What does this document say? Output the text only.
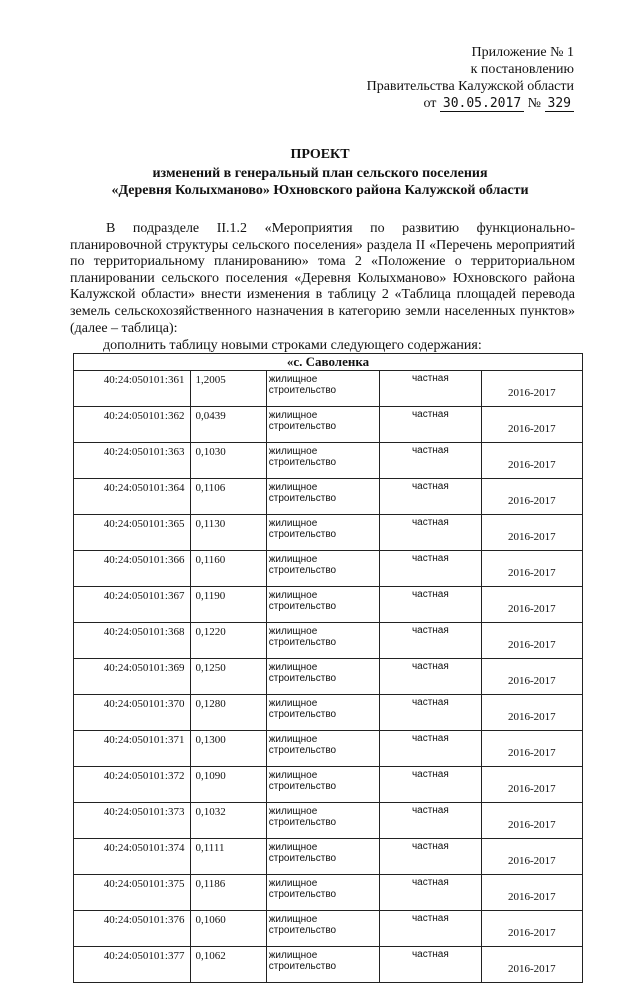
Приложение № 1
к постановлению
Правительства Калужской области
от 30.05.2017 № 329
ПРОЕКТ
изменений в генеральный план сельского поселения
«Деревня Колыхманово» Юхновского района Калужской области
В подразделе II.1.2 «Мероприятия по развитию функционально-планировочной структуры сельского поселения» раздела II «Перечень мероприятий по территориальному планированию» тома 2 «Положение о территориальном планировании сельского поселения «Деревня Колыхманово» Юхновского района Калужской области» внести изменения в таблицу 2 «Таблица площадей перевода земель сельскохозяйственного назначения в категорию земли населенных пунктов» (далее – таблица):
дополнить таблицу новыми строками следующего содержания:
«с. Саволенка				
40:24:050101:361	1,2005	жилищное строительство	частная	2016-2017
40:24:050101:362	0,0439	жилищное строительство	частная	2016-2017
40:24:050101:363	0,1030	жилищное строительство	частная	2016-2017
40:24:050101:364	0,1106	жилищное строительство	частная	2016-2017
40:24:050101:365	0,1130	жилищное строительство	частная	2016-2017
40:24:050101:366	0,1160	жилищное строительство	частная	2016-2017
40:24:050101:367	0,1190	жилищное строительство	частная	2016-2017
40:24:050101:368	0,1220	жилищное строительство	частная	2016-2017
40:24:050101:369	0,1250	жилищное строительство	частная	2016-2017
40:24:050101:370	0,1280	жилищное строительство	частная	2016-2017
40:24:050101:371	0,1300	жилищное строительство	частная	2016-2017
40:24:050101:372	0,1090	жилищное строительство	частная	2016-2017
40:24:050101:373	0,1032	жилищное строительство	частная	2016-2017
40:24:050101:374	0,1111	жилищное строительство	частная	2016-2017
40:24:050101:375	0,1186	жилищное строительство	частная	2016-2017
40:24:050101:376	0,1060	жилищное строительство	частная	2016-2017
40:24:050101:377	0,1062	жилищное строительство	частная	2016-2017
